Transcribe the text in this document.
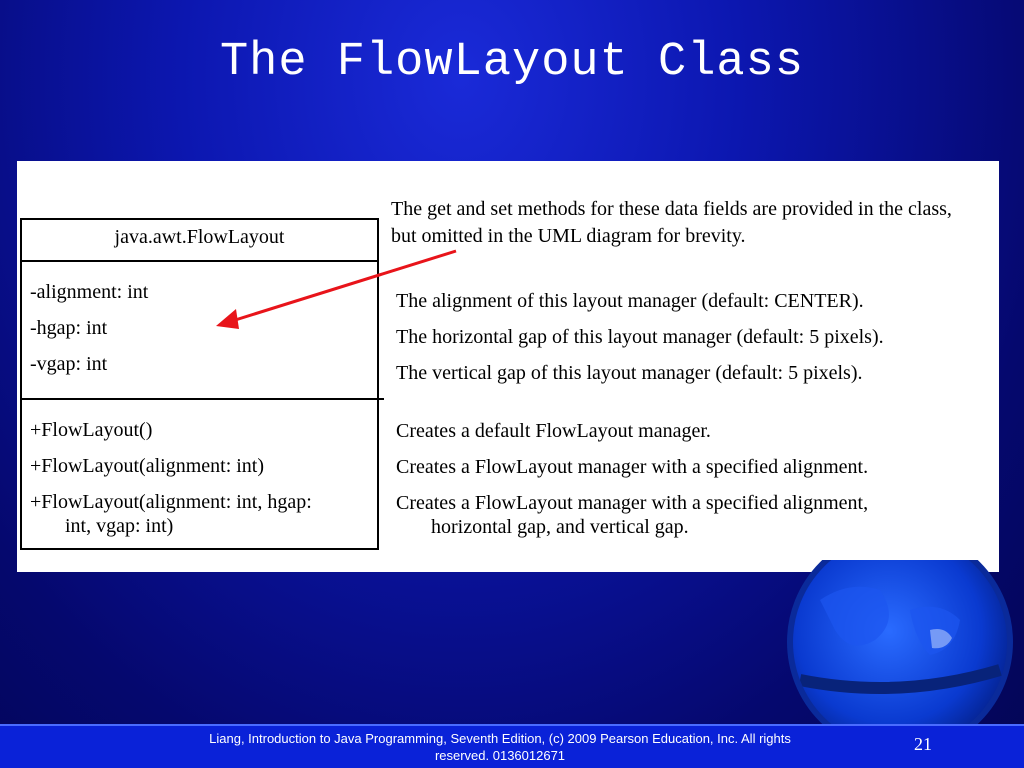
The FlowLayout Class
java.awt.FlowLayout
-alignment: int
-hgap: int
-vgap: int
+FlowLayout()
+FlowLayout(alignment: int)
+FlowLayout(alignment: int, hgap:
int, vgap: int)
The get and set methods for these data fields are provided in the class, but omitted in the UML diagram for brevity.
The alignment of this layout manager (default: CENTER).
The horizontal gap of this layout manager (default: 5 pixels).
The vertical gap of this layout manager (default: 5 pixels).
Creates a default FlowLayout manager.
Creates a FlowLayout manager with a specified alignment.
Creates a FlowLayout manager with a specified alignment,
horizontal gap, and vertical gap.
Liang, Introduction to Java Programming, Seventh Edition, (c) 2009 Pearson Education, Inc. All rights reserved. 0136012671
21
